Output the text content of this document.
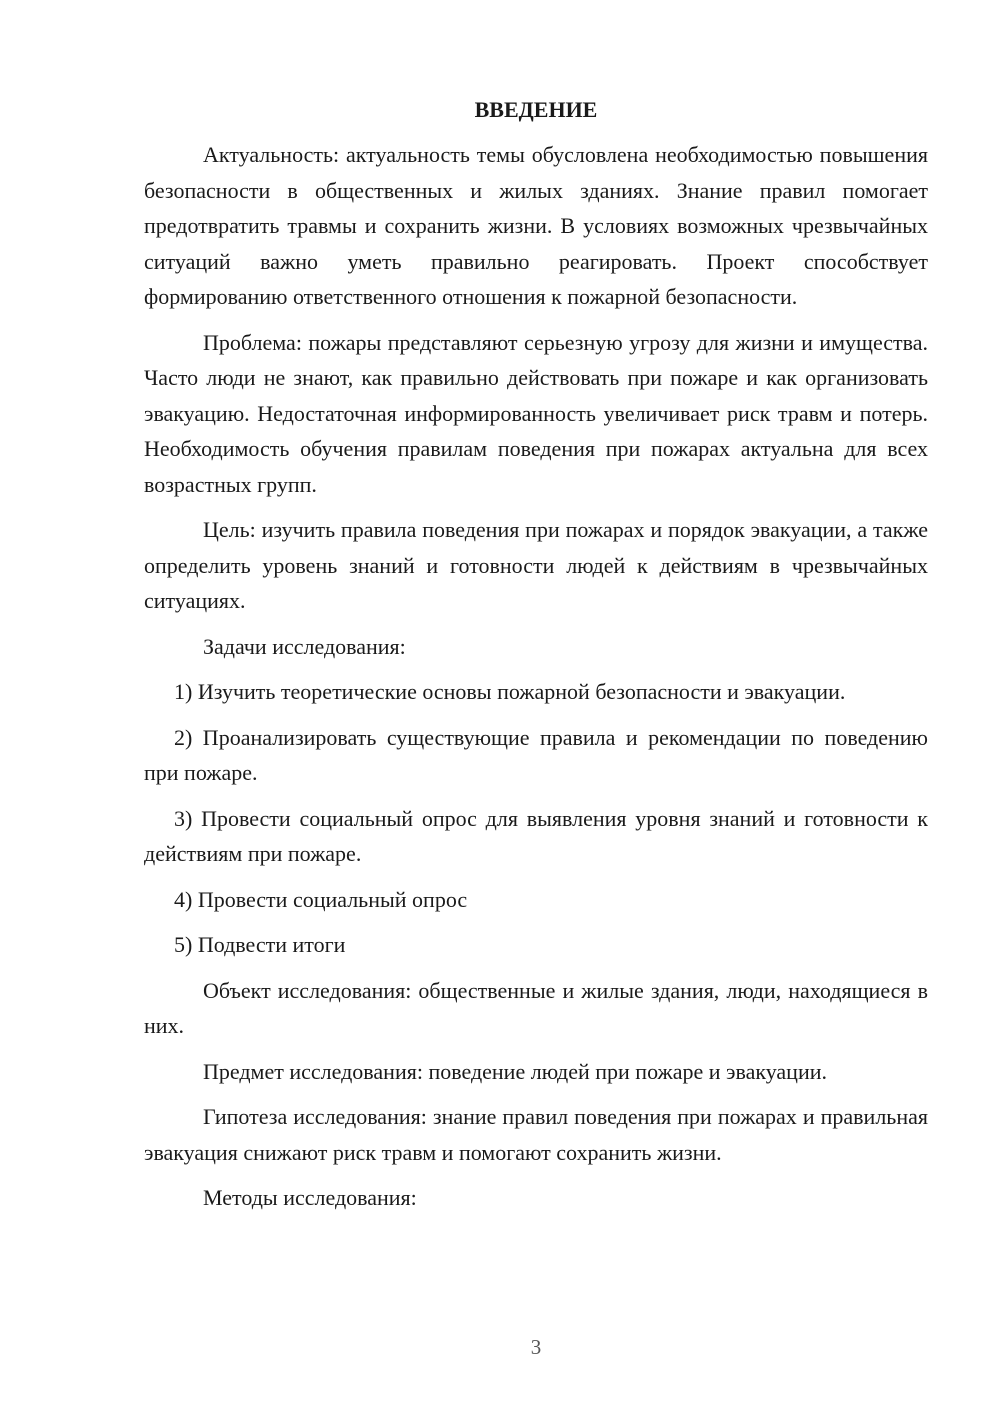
ВВЕДЕНИЕ

Актуальность: актуальность темы обусловлена необходимостью повышения безопасности в общественных и жилых зданиях. Знание правил помогает предотвратить травмы и сохранить жизни. В условиях возможных чрезвычайных ситуаций важно уметь правильно реагировать. Проект способствует формированию ответственного отношения к пожарной безопасности.

Проблема: пожары представляют серьезную угрозу для жизни и имущества. Часто люди не знают, как правильно действовать при пожаре и как организовать эвакуацию. Недостаточная информированность увеличивает риск травм и потерь. Необходимость обучения правилам поведения при пожарах актуальна для всех возрастных групп.

Цель: изучить правила поведения при пожарах и порядок эвакуации, а также определить уровень знаний и готовности людей к действиям в чрезвычайных ситуациях.

Задачи исследования:

1) Изучить теоретические основы пожарной безопасности и эвакуации.

2) Проанализировать существующие правила и рекомендации по поведению при пожаре.

3) Провести социальный опрос для выявления уровня знаний и готовности к действиям при пожаре.

4) Провести социальный опрос

5) Подвести итоги

Объект исследования: общественные и жилые здания, люди, находящиеся в них.

Предмет исследования: поведение людей при пожаре и эвакуации.

Гипотеза исследования: знание правил поведения при пожарах и правильная эвакуация снижают риск травм и помогают сохранить жизни.

Методы исследования:

3
